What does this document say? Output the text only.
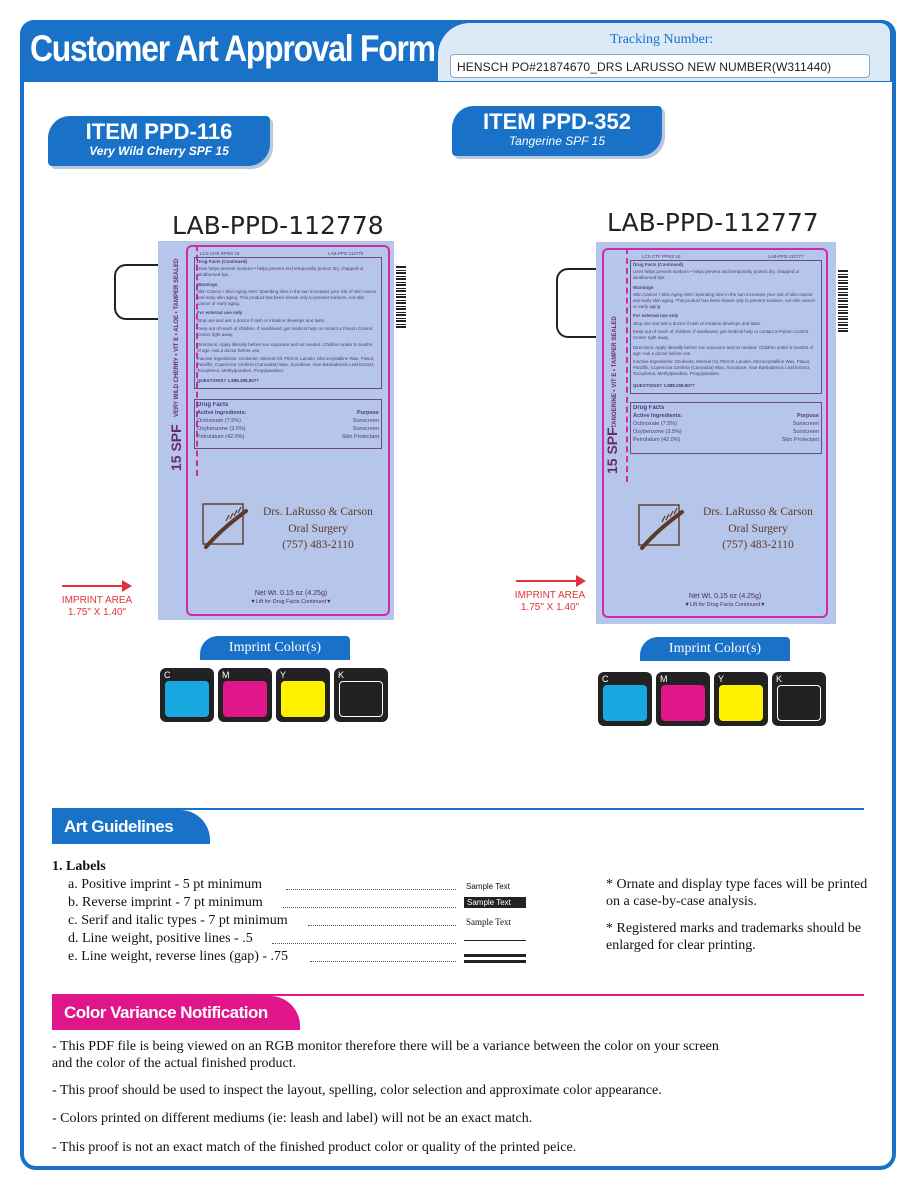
Customer Art Approval Form	Tracking Number:
HENSCH PO#21874670_DRS LARUSSO NEW NUMBER(W311440)
ITEM PPD-116
Very Wild Cherry SPF 15
LAB-PPD-112778
15 SPF
VERY WILD CHERRY • VIT E • ALOE • TAMPER SEALED
LCS CHE RPNS 15	LAB-PPD-112778
Drug Facts (Continued)
Uses helps prevent sunburn • helps prevent and temporarily protect dry, chapped or windburned lips.
Warnings
Skin Cancer / Skin Aging Alert: Spending time in the sun increases your risk of skin cancer and early skin aging. This product has been shown only to prevent sunburn, not skin cancer or early aging.
For external use only
Stop use and ask a doctor if rash or irritation develops and lasts.
Keep out of reach of children. If swallowed, get medical help or contact a Poison Control Center right away.
Directions: Apply liberally before sun exposure and as needed. Children under 6 months of age: Ask a doctor before use.
Inactive Ingredients: Ozokerite, Mineral Oil, PEG-8, Lanolin, Microcrystalline Wax, Flavor, Paraffin, Copernicia Cerifera (Carnauba) Wax, Sucralose, Aloe Barbadensis Leaf Extract, Tocopherol, Methylparaben, Propylparaben.
QUESTIONS? 1.888.298.8077
Drug Facts
Active Ingredients:	Purpose
Octinoxate (7.5%)	Sunscreen
Oxybenzone (3.5%)	Sunscreen
Petrolatum (42.0%)	Skin Protectant
Drs. LaRusso & Carson
Oral Surgery
(757) 483-2110
Net Wt. 0.15 oz (4.25g)
▼Lift for Drug Facts Continued▼
IMPRINT AREA
1.75" X 1.40"
Imprint Color(s)
C	M	Y	K
ITEM PPD-352
Tangerine SPF 15
LAB-PPD-112777
15 SPF
TANGERINE • VIT E • TAMPER SEALED
LCS CTF PPNS 15	LAB-PPD-112777
Drug Facts (Continued)
Uses helps prevent sunburn • helps prevent and temporarily protect dry, chapped or windburned lips.
Warnings
Skin Cancer / Skin Aging Alert: Spending time in the sun increases your risk of skin cancer and early skin aging. This product has been shown only to prevent sunburn, not skin cancer or early aging.
For external use only
Stop use and ask a doctor if rash or irritation develops and lasts.
Keep out of reach of children. If swallowed, get medical help or contact a Poison Control Center right away.
Directions: Apply liberally before sun exposure and as needed. Children under 6 months of age: Ask a doctor before use.
Inactive Ingredients: Ozokerite, Mineral Oil, PEG-8, Lanolin, Microcrystalline Wax, Flavor, Paraffin, Copernicia Cerifera (Carnauba) Wax, Sucralose, Aloe Barbadensis Leaf Extract, Tocopherol, Methylparaben, Propylparaben.
QUESTIONS? 1.888.298.8077
Drug Facts
Active Ingredients:	Purpose
Octinoxate (7.5%)	Sunscreen
Oxybenzone (3.5%)	Sunscreen
Petrolatum (42.0%)	Skin Protectant
Drs. LaRusso & Carson
Oral Surgery
(757) 483-2110
Net Wt. 0.15 oz (4.25g)
▼Lift for Drug Facts Continued▼
IMPRINT AREA
1.75" X 1.40"
Imprint Color(s)
C	M	Y	K
Art Guidelines
1. Labels
a. Positive imprint - 5 pt minimum
b. Reverse imprint - 7 pt minimum
c. Serif and italic types - 7 pt minimum
d. Line weight, positive lines - .5
e. Line weight, reverse lines (gap) - .75
Sample Text
Sample Text
Sample Text
* Ornate and display type faces will be printed on a case-by-case analysis.
* Registered marks and trademarks should be enlarged for clear printing.
Color Variance Notification
- This PDF file is being viewed on an RGB monitor therefore there will be a variance between the color on your screen and the color of the actual finished product.
- This proof should be used to inspect the layout, spelling, color selection and approximate color appearance.
- Colors printed on different mediums (ie: leash and label) will not be an exact match.
- This proof is not an exact match of the finished product color or quality of the printed peice.
